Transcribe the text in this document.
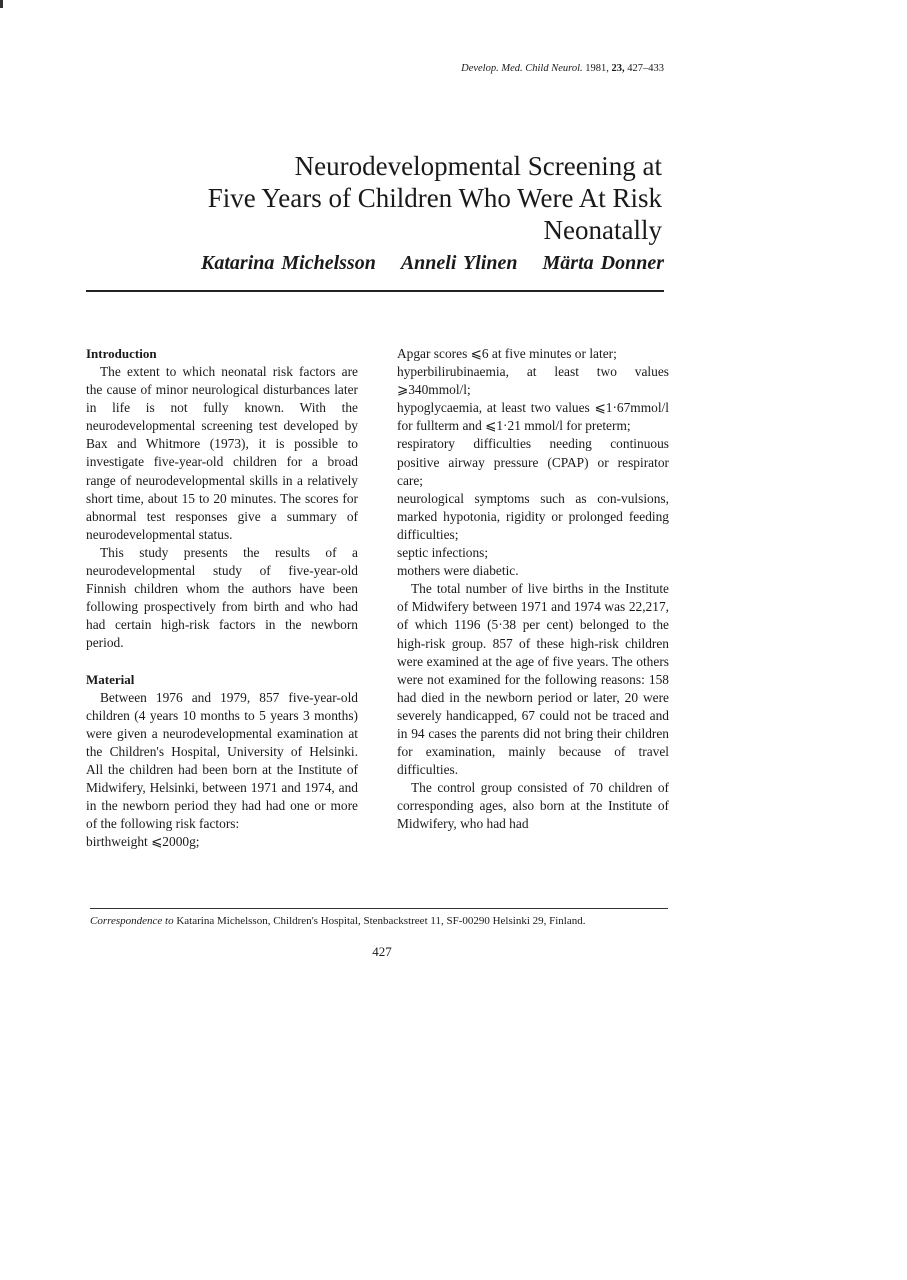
Develop. Med. Child Neurol. 1981, 23, 427–433
Neurodevelopmental Screening at
Five Years of Children Who Were At Risk
Neonatally
Katarina Michelsson Anneli Ylinen Märta Donner
Introduction

The extent to which neonatal risk factors are the cause of minor neurological disturbances later in life is not fully known. With the neurodevelopmental screening test developed by Bax and Whitmore (1973), it is possible to investigate five-year-old children for a broad range of neurodevelopmental skills in a relatively short time, about 15 to 20 minutes. The scores for abnormal test responses give a summary of neurodevelopmental status.

This study presents the results of a neurodevelopmental study of five-year-old Finnish children whom the authors have been following prospectively from birth and who had had certain high-risk factors in the newborn period.

Material

Between 1976 and 1979, 857 five-year-old children (4 years 10 months to 5 years 3 months) were given a neurodevelopmental examination at the Children's Hospital, University of Helsinki. All the children had been born at the Institute of Midwifery, Helsinki, between 1971 and 1974, and in the newborn period they had had one or more of the following risk factors:

birthweight ⩽2000g;

Apgar scores ⩽6 at five minutes or later;

hyperbilirubinaemia, at least two values ⩾340mmol/l;

hypoglycaemia, at least two values ⩽1·67mmol/l for fullterm and ⩽1·21 mmol/l for preterm;

respiratory difficulties needing continuous positive airway pressure (CPAP) or respirator care;

neurological symptoms such as con-vulsions, marked hypotonia, rigidity or prolonged feeding difficulties;

septic infections;

mothers were diabetic.

The total number of live births in the Institute of Midwifery between 1971 and 1974 was 22,217, of which 1196 (5·38 per cent) belonged to the high-risk group. 857 of these high-risk children were examined at the age of five years. The others were not examined for the following reasons: 158 had died in the newborn period or later, 20 were severely handicapped, 67 could not be traced and in 94 cases the parents did not bring their children for examination, mainly because of travel difficulties.

The control group consisted of 70 children of corresponding ages, also born at the Institute of Midwifery, who had had

Correspondence to Katarina Michelsson, Children's Hospital, Stenbackstreet 11, SF-00290 Helsinki 29, Finland.
427
